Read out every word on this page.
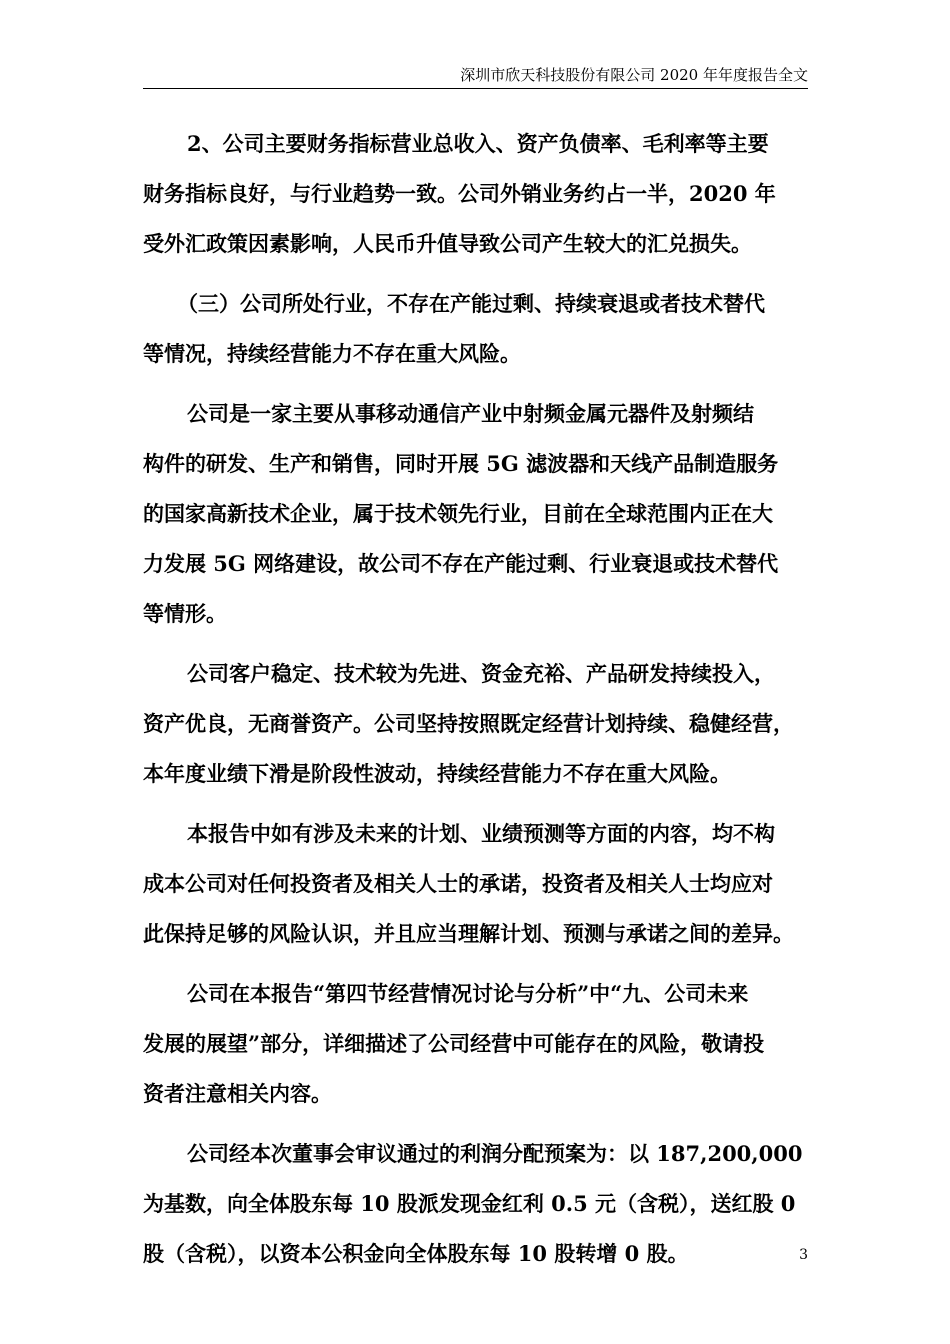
深圳市欣天科技股份有限公司 2020 年年度报告全文
2、公司主要财务指标营业总收入、资产负债率、毛利率等主要
财务指标良好，与行业趋势一致。公司外销业务约占一半，2020 年
受外汇政策因素影响，人民币升值导致公司产生较大的汇兑损失。
（三）公司所处行业，不存在产能过剩、持续衰退或者技术替代
等情况，持续经营能力不存在重大风险。
公司是一家主要从事移动通信产业中射频金属元器件及射频结
构件的研发、生产和销售，同时开展 5G 滤波器和天线产品制造服务
的国家高新技术企业，属于技术领先行业，目前在全球范围内正在大
力发展 5G 网络建设，故公司不存在产能过剩、行业衰退或技术替代
等情形。
公司客户稳定、技术较为先进、资金充裕、产品研发持续投入，
资产优良，无商誉资产。公司坚持按照既定经营计划持续、稳健经营，
本年度业绩下滑是阶段性波动，持续经营能力不存在重大风险。
本报告中如有涉及未来的计划、业绩预测等方面的内容，均不构
成本公司对任何投资者及相关人士的承诺，投资者及相关人士均应对
此保持足够的风险认识，并且应当理解计划、预测与承诺之间的差异。
公司在本报告“第四节经营情况讨论与分析”中“九、公司未来
发展的展望”部分，详细描述了公司经营中可能存在的风险，敬请投
资者注意相关内容。
公司经本次董事会审议通过的利润分配预案为：以 187,200,000
为基数，向全体股东每 10 股派发现金红利 0.5 元（含税），送红股 0
股（含税），以资本公积金向全体股东每 10 股转增 0 股。	3
